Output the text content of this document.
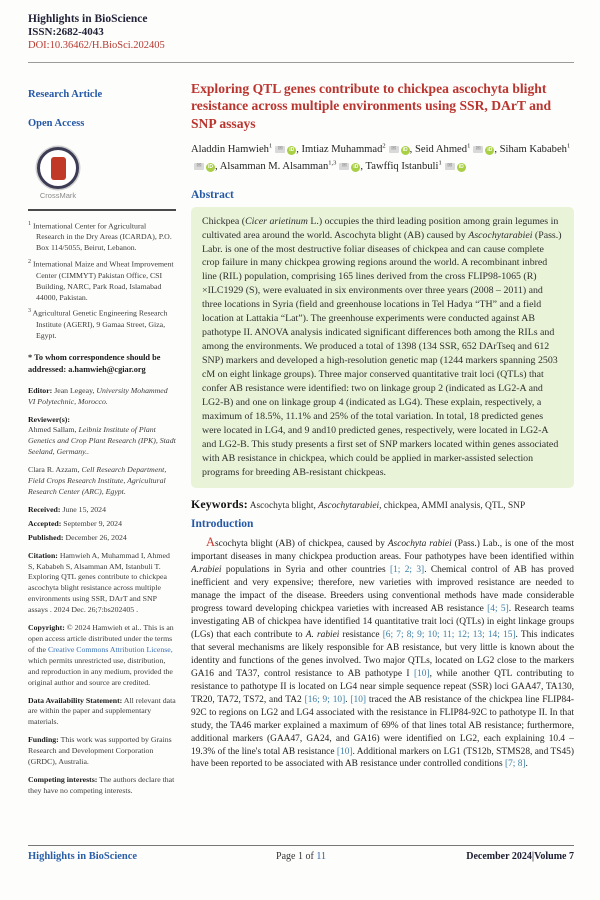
Highlights in BioScience
ISSN:2682-4043
DOI:10.36462/H.BioSci.202405
Research Article
Open Access
CrossMark
$^1$ International Center for Agricultural Research in the Dry Areas (ICARDA), P.O. Box 114/5055, Beirut, Lebanon.
$^2$ International Maize and Wheat Improvement Center (CIMMYT) Pakistan Office, CSI Building, NARC, Park Road, Islamabad 44000, Pakistan.
$^3$ Agricultural Genetic Engineering Research Institute (AGERI), 9 Gamaa Street, Giza, Egypt.
* To whom correspondence should be addressed: a.hamwieh@cgiar.org
Editor: Jean Legeay, University Mohammed VI Polytechnic, Morocco.
Reviewer(s):
Ahmed Sallam, Leibniz Institute of Plant Genetics and Crop Plant Research (IPK), Stadt Seeland, Germany..
Clara R. Azzam, Cell Research Department, Field Crops Research Institute, Agricultural Research Center (ARC), Egypt.
Received: June 15, 2024
Accepted: September 9, 2024
Published: December 26, 2024
Citation: Hamwieh A, Muhammad I, Ahmed S, Kababeh S, Alsamman AM, Istanbuli T. Exploring QTL genes contribute to chickpea ascochyta blight resistance across multiple environments using SSR, DArT and SNP assays . 2024 Dec. 26;7:bs202405 .
Copyright: © 2024 Hamwieh et al.. This is an open access article distributed under the terms of the Creative Commons Attribution License, which permits unrestricted use, distribution, and reproduction in any medium, provided the original author and source are credited.
Data Availability Statement: All relevant data are within the paper and supplementary materials.
Funding: This work was supported by Grains Research and Development Corporation (GRDC), Australia.
Competing interests: The authors declare that they have no competing interests.
Exploring QTL genes contribute to chickpea ascochyta blight resistance across multiple environments using SSR, DArT and SNP assays
Aladdin Hamwieh$^1$ ✉ iD , Imtiaz Muhammad$^2$ ✉ iD , Seid Ahmed$^1$ ✉ iD , Siham Kababeh$^1$✉ iD , Alsamman M. Alsamman$^{1,3}$ ✉ iD , Tawffiq Istanbuli$^1$ ✉ iD
Abstract
Chickpea (Cicer arietinum L.) occupies the third leading position among grain legumes in cultivated area around the world. Ascochyta blight (AB) caused by Ascochytarabiei (Pass.) Labr. is one of the most destructive foliar diseases of chickpea and can cause complete crop failure in many chickpea growing regions around the world. A recombinant inbred line (RIL) population, comprising 165 lines derived from the cross FLIP98-1065 (R) ×ILC1929 (S), were evaluated in six environments over three years (2008 – 2011) and three locations in Syria (field and greenhouse locations in Tel Hadya “TH” and a field location at Lattakia “Lat”). The greenhouse experiments were conducted against AB pathotype II. ANOVA analysis indicated significant differences both among the RILs and among the environments. We produced a total of 1398 (134 SSR, 652 DArTseq and 612 SNP) markers and developed a high-resolution genetic map (1244 markers spanning 2503 cM on eight linkage groups). Three major conserved quantitative trait loci (QTLs) that confer AB resistance were identified: two on linkage group 2 (indicated as LG2-A and LG2-B) and one on linkage group 4 (indicated as LG4). These explain, respectively, a maximum of 18.5%, 11.1% and 25% of the total variation. In total, 18 predicted genes were located in LG4, and 9 and10 predicted genes, respectively, were located in LG2-A and LG2-B. This study presents a first set of SNP markers located within genes associated with AB resistance in chickpea, which could be applied in marker-assisted selection programs for breeding AB-resistant chickpeas.
Keywords: Ascochyta blight, Ascochytarabiei, chickpea, AMMI analysis, QTL, SNP
Introduction
Ascochyta blight (AB) of chickpea, caused by Ascochyta rabiei (Pass.) Lab., is one of the most important diseases in many chickpea production areas. Four pathotypes have been identified within A.rabiei populations in Syria and other countries [1; 2; 3]. Chemical control of AB has proved inefficient and very expensive; therefore, new varieties with improved resistance are needed to manage the impact of the disease. Breeders using conventional methods have made considerable progress toward developing chickpea varieties with increased AB resistance [4; 5]. Research teams investigating AB of chickpea have identified 14 quantitative trait loci (QTLs) in eight linkage groups (LGs) that each contribute to A. rabiei resistance [6; 7; 8; 9; 10; 11; 12; 13; 14; 15]. This indicates that several mechanisms are likely responsible for AB resistance, but very little is known about the identity and functions of the genes involved. Two major QTLs, located on LG2 close to the markers GA16 and TA37, control resistance to AB pathotype I [10], while another QTL contributing to resistance to pathotype II is located on LG4 near simple sequence repeat (SSR) loci GAA47, TA130, TR20, TA72, TS72, and TA2 [16; 9; 10]. [10] traced the AB resistance of the chickpea line FLIP84-92C to regions on LG2 and LG4 associated with the resistance in FLIP84-92C to pathotype II. In that study, the TA46 marker explained a maximum of 69% of that lines total AB resistance; furthermore, additional markers (GAA47, GA24, and GA16) were identified on LG2, each explaining 10.4 – 19.3% of the line's total AB resistance [10]. Additional markers on LG1 (TS12b, STMS28, and TS45) have been reported to be associated with AB resistance under controlled conditions [7; 8].
Highlights in BioScience	Page 1 of 11	December 2024|Volume 7
